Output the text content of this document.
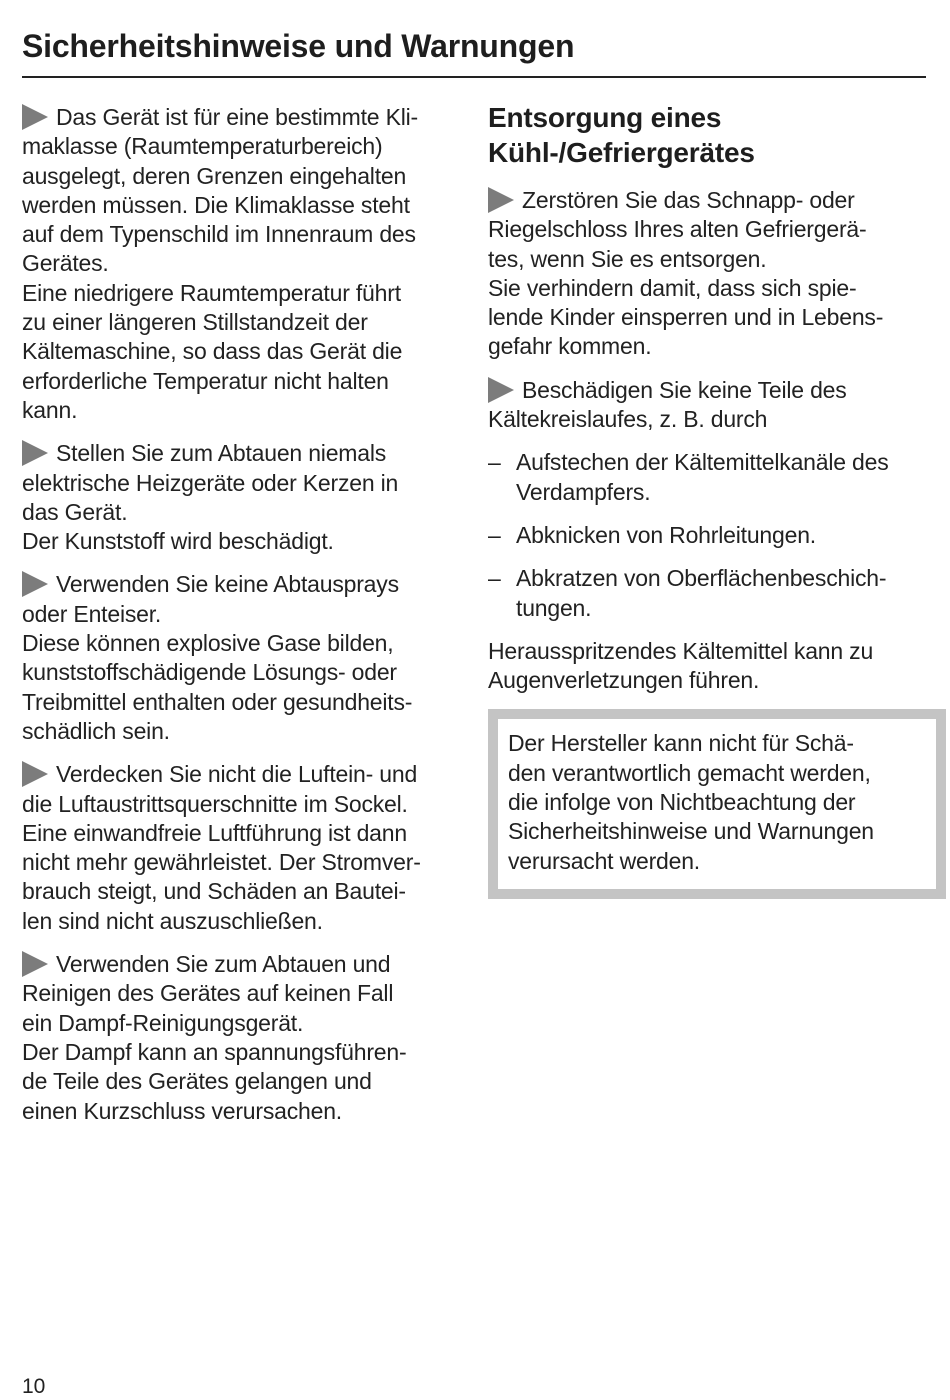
Sicherheitshinweise und Warnungen

Das Gerät ist für eine bestimmte Kli-
maklasse (Raumtemperaturbereich)
ausgelegt, deren Grenzen eingehalten
werden müssen. Die Klimaklasse steht
auf dem Typenschild im Innenraum des
Gerätes.
Eine niedrigere Raumtemperatur führt
zu einer längeren Stillstandzeit der
Kältemaschine, so dass das Gerät die
erforderliche Temperatur nicht halten
kann.

Stellen Sie zum Abtauen niemals
elektrische Heizgeräte oder Kerzen in
das Gerät.
Der Kunststoff wird beschädigt.

Verwenden Sie keine Abtausprays
oder Enteiser.
Diese können explosive Gase bilden,
kunststoffschädigende Lösungs- oder
Treibmittel enthalten oder gesundheits-
schädlich sein.

Verdecken Sie nicht die Luftein- und
die Luftaustrittsquerschnitte im Sockel.
Eine einwandfreie Luftführung ist dann
nicht mehr gewährleistet. Der Stromver-
brauch steigt, und Schäden an Bautei-
len sind nicht auszuschließen.

Verwenden Sie zum Abtauen und
Reinigen des Gerätes auf keinen Fall
ein Dampf-Reinigungsgerät.
Der Dampf kann an spannungsführen-
de Teile des Gerätes gelangen und
einen Kurzschluss verursachen.

Entsorgung eines
Kühl-/Gefriergerätes

Zerstören Sie das Schnapp- oder
Riegelschloss Ihres alten Gefriergerä-
tes, wenn Sie es entsorgen.
Sie verhindern damit, dass sich spie-
lende Kinder einsperren und in Lebens-
gefahr kommen.

Beschädigen Sie keine Teile des
Kältekreislaufes, z. B. durch

– Aufstechen der Kältemittelkanäle des
Verdampfers.
– Abknicken von Rohrleitungen.
– Abkratzen von Oberflächenbeschich-
tungen.

Herausspritzendes Kältemittel kann zu
Augenverletzungen führen.

Der Hersteller kann nicht für Schä-
den verantwortlich gemacht werden,
die infolge von Nichtbeachtung der
Sicherheitshinweise und Warnungen
verursacht werden.

10
